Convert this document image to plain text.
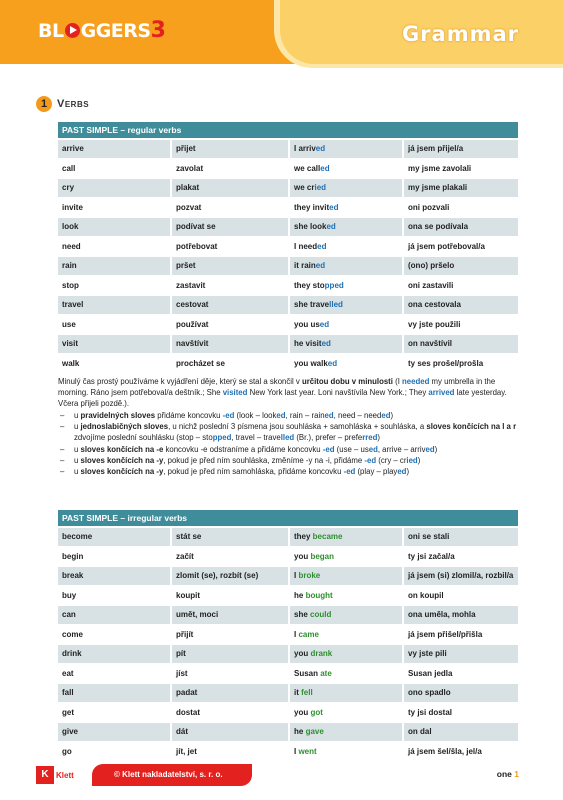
BL GGERS 3	Grammar
1 Verbs
PAST SIMPLE – regular verbs
arrive	přijet	I arrived	já jsem přijel/a
call	zavolat	we called	my jsme zavolali
cry	plakat	we cried	my jsme plakali
invite	pozvat	they invited	oni pozvali
look	podívat se	she looked	ona se podívala
need	potřebovat	I needed	já jsem potřeboval/a
rain	pršet	it rained	(ono) pršelo
stop	zastavit	they stopped	oni zastavili
travel	cestovat	she travelled	ona cestovala
use	používat	you used	vy jste použili
visit	navštívit	he visited	on navštívil
walk	procházet se	you walked	ty ses prošel/prošla
Minulý čas prostý používáme k vyjádření děje, který se stal a skončil v určitou dobu v minulosti (I needed my umbrella in the morning. Ráno jsem potřeboval/a deštník.; She visited New York last year. Loni navštívila New York.; They arrived late yesterday. Včera přijeli pozdě.).
– u pravidelných sloves přidáme koncovku -ed (look – looked, rain – rained, need – needed)
– u jednoslabičných sloves, u nichž poslední 3 písmena jsou souhláska + samohláska + souhláska, a sloves končících na l a r zdvojíme poslední souhlásku (stop – stopped, travel – travelled (Br.), prefer – preferred)
– u sloves končících na -e koncovku -e odstraníme a přidáme koncovku -ed (use – used, arrive – arrived)
– u sloves končících na -y, pokud je před ním souhláska, změníme -y na -i, přidáme -ed (cry – cried)
– u sloves končících na -y, pokud je před ním samohláska, přidáme koncovku -ed (play – played)
PAST SIMPLE – irregular verbs
become	stát se	they became	oni se stali
begin	začít	you began	ty jsi začal/a
break	zlomit (se), rozbít (se)	I broke	já jsem (si) zlomil/a, rozbil/a
buy	koupit	he bought	on koupil
can	umět, moci	she could	ona uměla, mohla
come	přijít	I came	já jsem přišel/přišla
drink	pít	you drank	vy jste pili
eat	jíst	Susan ate	Susan jedla
fall	padat	it fell	ono spadlo
get	dostat	you got	ty jsi dostal
give	dát	he gave	on dal
go	jít, jet	I went	já jsem šel/šla, jel/a
K Klett	© Klett nakladatelství, s. r. o.	one 1
